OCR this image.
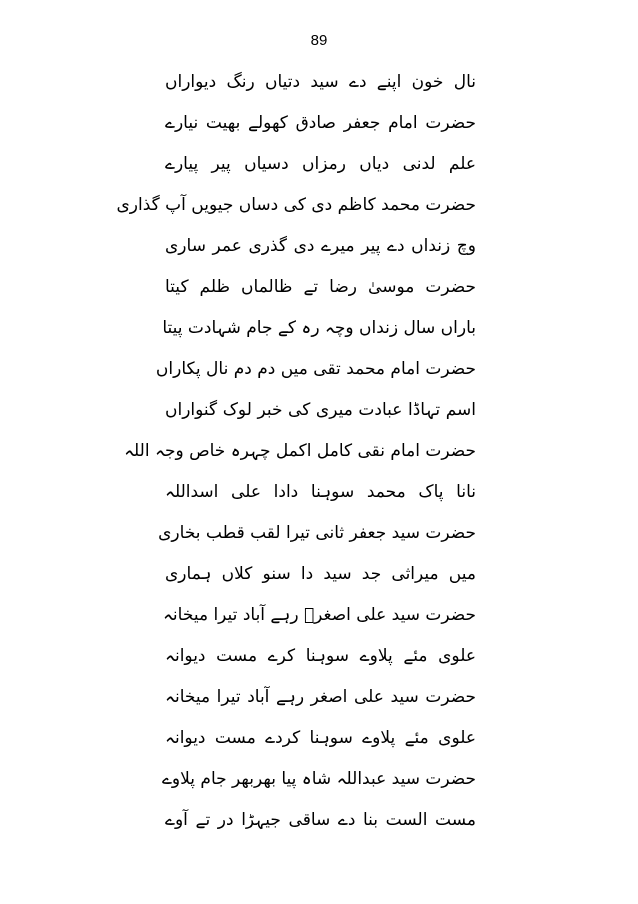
89
نال خون اپنے دے سید دتیاں رنگ دیواراں
حضرت امام جعفر صادق کھولے بھیت نیارے
علم لدنی دیاں رمزاں دسیاں پیر پیارے
حضرت محمد کاظم دی کی دساں جیویں آپ گذاری
وچ زنداں دے پیر میرے دی گذری عمر ساری
حضرت موسیٰ رضا تے ظالماں ظلم کیتا
باراں سال زنداں وچہ رہ کے جام شہادت پیتا
حضرت امام محمد تقی میں دم دم نال پکاراں
اسم تہاڈا عبادت میری کی خبر لوک گنواراں
حضرت امام نقی کامل اکمل چہرہ خاص وجہ اللہ
نانا پاک محمد سوہنا دادا علی اسداللہ
حضرت سید جعفر ثانی تیرا لقب قطب بخاری
میں میراثی جد سید دا سنو کلاں ہماری
حضرت سید علی اصغرؒ رہے آباد تیرا میخانہ
علوی مئے پلاوے سوہنا کرے مست دیوانہ
حضرت سید علی اصغر رہے آباد تیرا میخانہ
علوی مئے پلاوے سوہنا کردے مست دیوانہ
حضرت سید عبداللہ شاہ پیا بھربھر جام پلاوے
مست الست بنا دے ساقی جیہڑا در تے آوے
